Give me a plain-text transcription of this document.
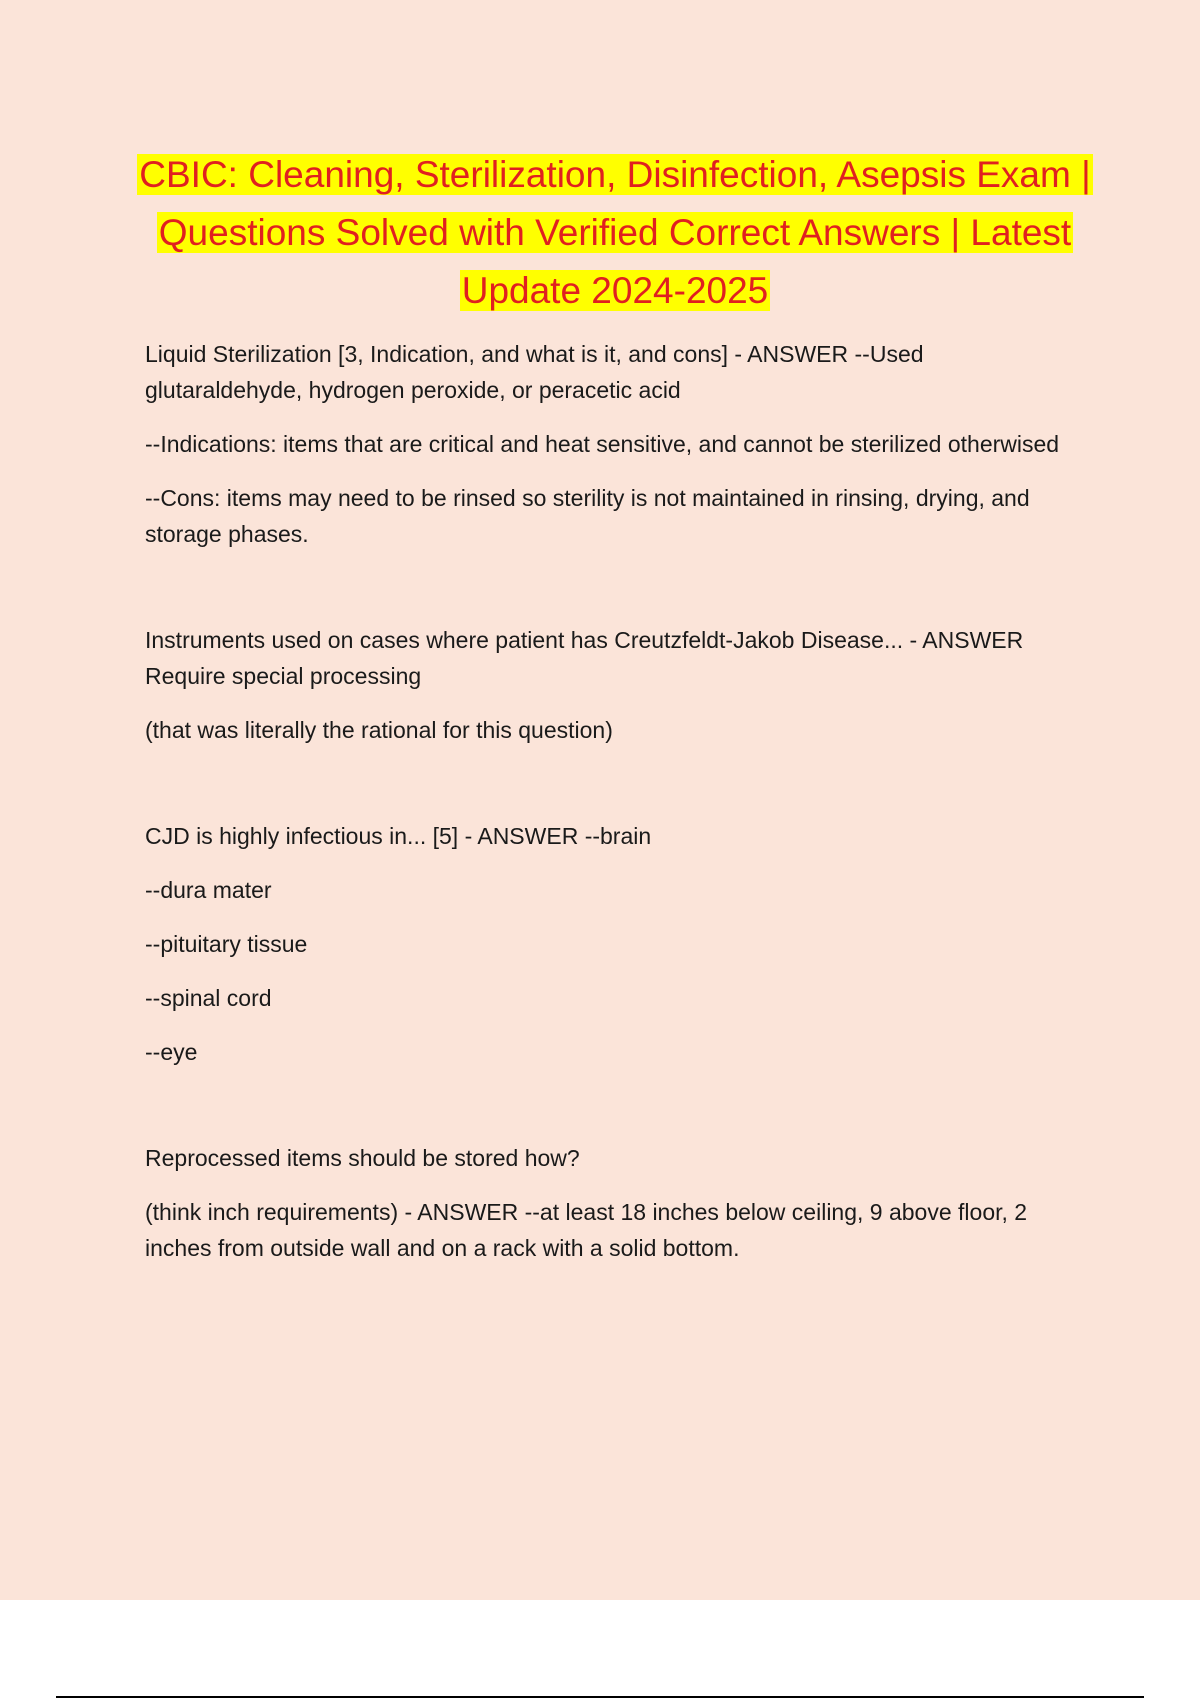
CBIC: Cleaning, Sterilization, Disinfection, Asepsis Exam | Questions Solved with Verified Correct Answers | Latest Update 2024-2025

Liquid Sterilization [3, Indication, and what is it, and cons] - ANSWER --Used glutaraldehyde, hydrogen peroxide, or peracetic acid

--Indications: items that are critical and heat sensitive, and cannot be sterilized otherwised

--Cons: items may need to be rinsed so sterility is not maintained in rinsing, drying, and storage phases.

Instruments used on cases where patient has Creutzfeldt-Jakob Disease... - ANSWER Require special processing

(that was literally the rational for this question)

CJD is highly infectious in... [5] - ANSWER --brain

--dura mater

--pituitary tissue

--spinal cord

--eye

Reprocessed items should be stored how?

(think inch requirements) - ANSWER --at least 18 inches below ceiling, 9 above floor, 2 inches from outside wall and on a rack with a solid bottom.
